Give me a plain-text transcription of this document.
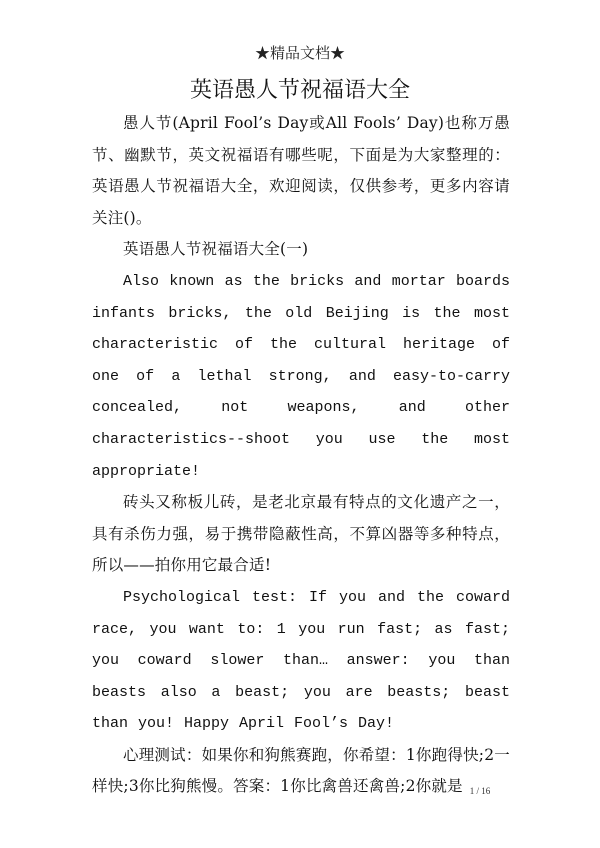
★精品文档★
英语愚人节祝福语大全

愚人节(April Fool’s Day或All Fools’ Day)也称万愚节、幽默节，英文祝福语有哪些呢，下面是为大家整理的：英语愚人节祝福语大全，欢迎阅读，仅供参考，更多内容请关注()。

英语愚人节祝福语大全(一)

Also known as the bricks and mortar boards infants bricks, the old Beijing is the most characteristic of the cultural heritage of one of a lethal strong, and easy-to-carry concealed, not weapons, and other characteristics--shoot you use the most appropriate!

砖头又称板儿砖，是老北京最有特点的文化遗产之一，具有杀伤力强，易于携带隐蔽性高，不算凶器等多种特点，所以——拍你用它最合适!

Psychological test: If you and the coward race, you want to: 1 you run fast; as fast; you coward slower than… answer: you than beasts also a beast; you are beasts; beast than you! Happy April Fool’s Day!

心理测试：如果你和狗熊赛跑，你希望：1你跑得快;2一样快;3你比狗熊慢。答案：1你比禽兽还禽兽;2你就是 1 / 16
